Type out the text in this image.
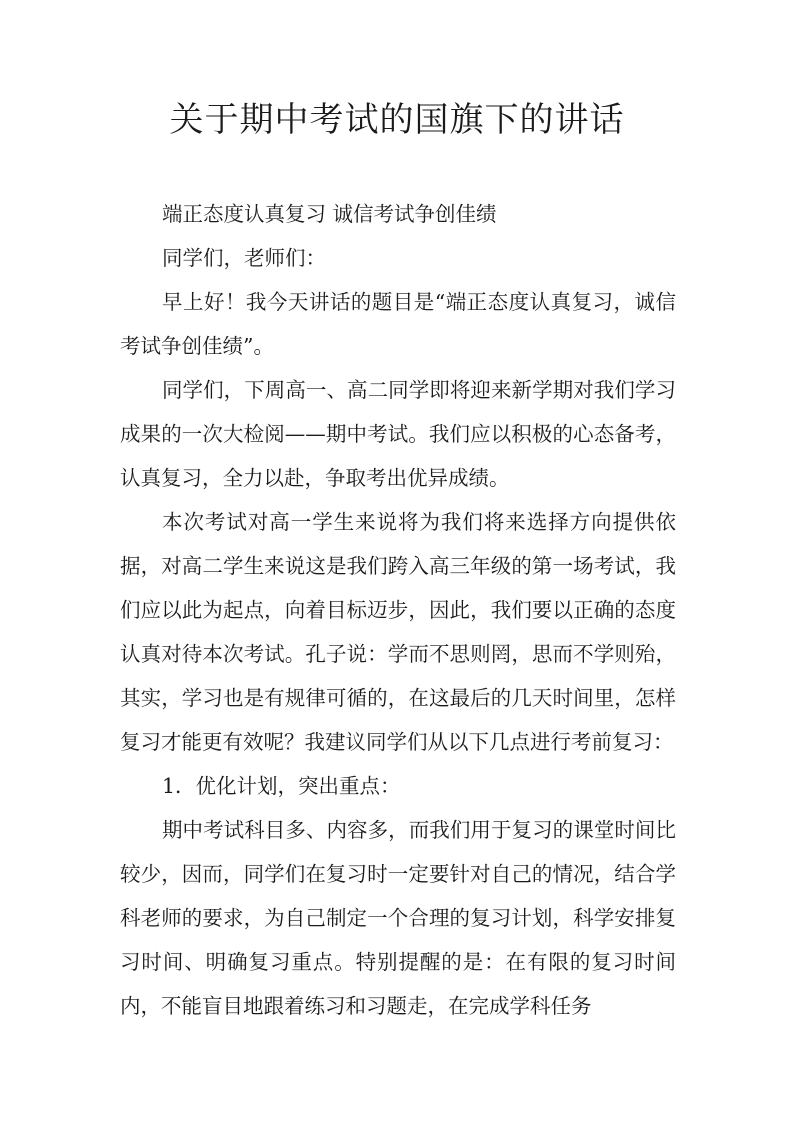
关于期中考试的国旗下的讲话

端正态度认真复习 诚信考试争创佳绩

同学们，老师们：

早上好！我今天讲话的题目是“端正态度认真复习，诚信考试争创佳绩”。

同学们，下周高一、高二同学即将迎来新学期对我们学习成果的一次大检阅——期中考试。我们应以积极的心态备考，认真复习，全力以赴，争取考出优异成绩。

本次考试对高一学生来说将为我们将来选择方向提供依据，对高二学生来说这是我们跨入高三年级的第一场考试，我们应以此为起点，向着目标迈步，因此，我们要以正确的态度认真对待本次考试。孔子说：学而不思则罔，思而不学则殆，其实，学习也是有规律可循的，在这最后的几天时间里，怎样复习才能更有效呢？我建议同学们从以下几点进行考前复习：

1．优化计划，突出重点：

期中考试科目多、内容多，而我们用于复习的课堂时间比较少，因而，同学们在复习时一定要针对自己的情况，结合学科老师的要求，为自己制定一个合理的复习计划，科学安排复习时间、明确复习重点。特别提醒的是：在有限的复习时间内，不能盲目地跟着练习和习题走，在完成学科任务
